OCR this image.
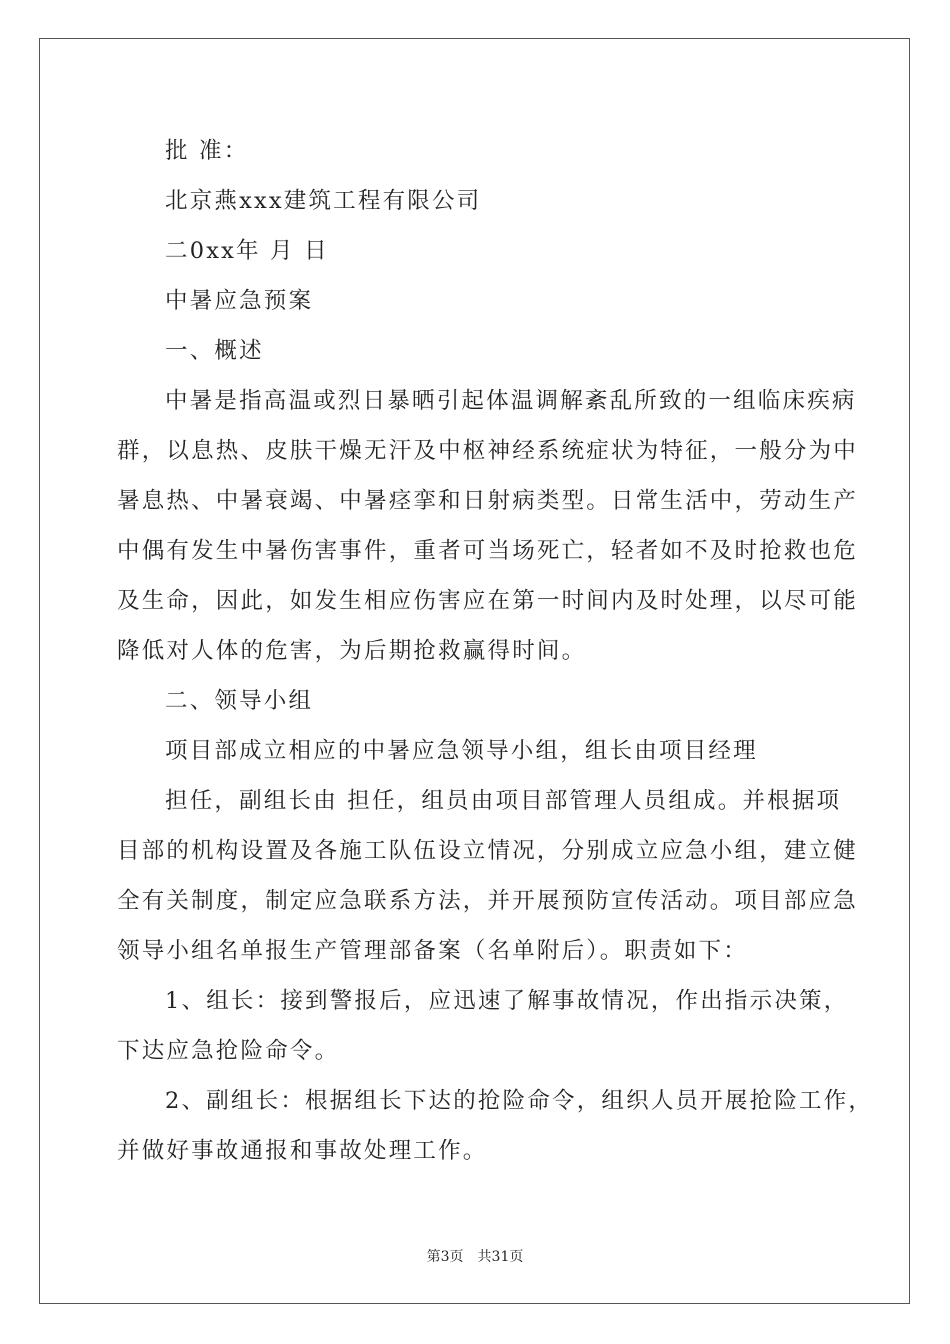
批 准：
北京燕xxx建筑工程有限公司
二0xx年 月 日
中暑应急预案
一、概述
中暑是指高温或烈日暴晒引起体温调解紊乱所致的一组临床疾病
群，以息热、皮肤干燥无汗及中枢神经系统症状为特征，一般分为中
暑息热、中暑衰竭、中暑痉挛和日射病类型。日常生活中，劳动生产
中偶有发生中暑伤害事件，重者可当场死亡，轻者如不及时抢救也危
及生命，因此，如发生相应伤害应在第一时间内及时处理，以尽可能
降低对人体的危害，为后期抢救赢得时间。
二、领导小组
项目部成立相应的中暑应急领导小组，组长由项目经理
担任，副组长由 担任，组员由项目部管理人员组成。并根据项
目部的机构设置及各施工队伍设立情况，分别成立应急小组，建立健
全有关制度，制定应急联系方法，并开展预防宣传活动。项目部应急
领导小组名单报生产管理部备案（名单附后）。职责如下：
1、组长：接到警报后，应迅速了解事故情况，作出指示决策，
下达应急抢险命令。
2、副组长：根据组长下达的抢险命令，组织人员开展抢险工作，
并做好事故通报和事故处理工作。
第3页 共31页
